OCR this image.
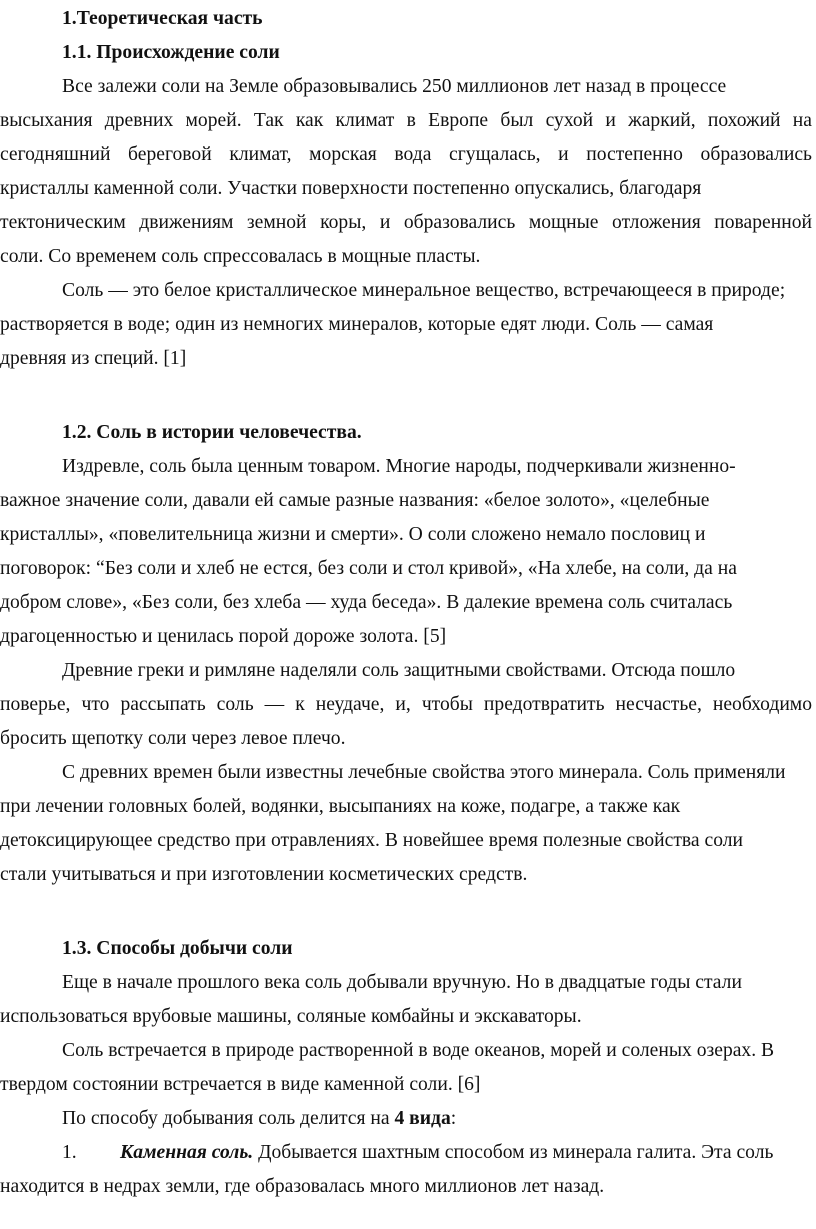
1.Теоретическая часть
1.1. Происхождение соли
Все залежи соли на Земле образовывались 250 миллионов лет назад в процессе
высыхания древних морей. Так как климат в Европе был сухой и жаркий, похожий на
сегодняшний береговой климат, морская вода сгущалась, и постепенно образовались
кристаллы каменной соли. Участки поверхности постепенно опускались, благодаря
тектоническим движениям земной коры, и образовались мощные отложения поваренной
соли. Со временем соль спрессовалась в мощные пласты.
Соль — это белое кристаллическое минеральное вещество, встречающееся в природе;
растворяется в воде; один из немногих минералов, которые едят люди. Соль — самая
древняя из специй. [1]
1.2. Соль в истории человечества.
Издревле, соль была ценным товаром. Многие народы, подчеркивали жизненно-
важное значение соли, давали ей самые разные названия: «белое золото», «целебные
кристаллы», «повелительница жизни и смерти». О соли сложено немало пословиц и
поговорок: “Без соли и хлеб не естся, без соли и стол кривой», «На хлебе, на соли, да на
добром слове», «Без соли, без хлеба — худа беседа». В далекие времена соль считалась
драгоценностью и ценилась порой дороже золота. [5]
Древние греки и римляне наделяли соль защитными свойствами. Отсюда пошло
поверье, что рассыпать соль — к неудаче, и, чтобы предотвратить несчастье, необходимо
бросить щепотку соли через левое плечо.
С древних времен были известны лечебные свойства этого минерала. Соль применяли
при лечении головных болей, водянки, высыпаниях на коже, подагре, а также как
детоксицирующее средство при отравлениях. В новейшее время полезные свойства соли
стали учитываться и при изготовлении косметических средств.
1.3. Способы добычи соли
Еще в начале прошлого века соль добывали вручную. Но в двадцатые годы стали
использоваться врубовые машины, соляные комбайны и экскаваторы.
Соль встречается в природе растворенной в воде океанов, морей и соленых озерах. В
твердом состоянии встречается в виде каменной соли. [6]
По способу добывания соль делится на 4 вида:
1. Каменная соль. Добывается шахтным способом из минерала галита. Эта соль
находится в недрах земли, где образовалась много миллионов лет назад.
